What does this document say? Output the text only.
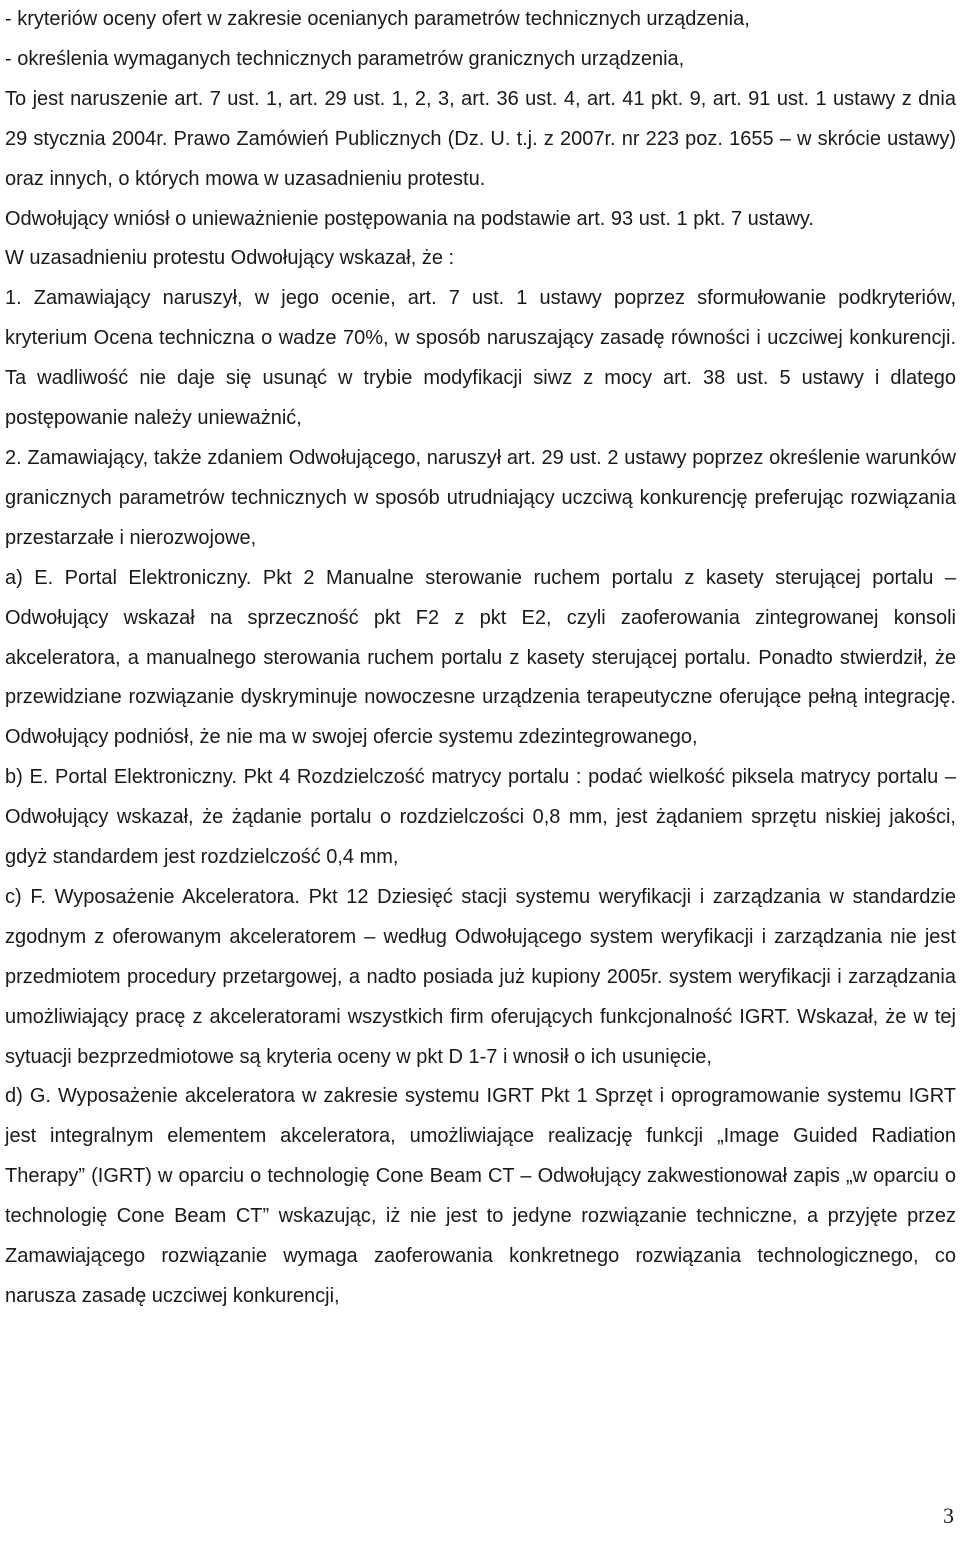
- kryteriów oceny ofert w zakresie ocenianych parametrów technicznych urządzenia,

- określenia wymaganych technicznych parametrów granicznych urządzenia,

To jest naruszenie art. 7 ust. 1, art. 29 ust. 1, 2, 3, art. 36 ust. 4, art. 41 pkt. 9, art. 91 ust. 1 ustawy z dnia 29 stycznia 2004r. Prawo Zamówień Publicznych (Dz. U. t.j. z 2007r. nr 223 poz. 1655 – w skrócie ustawy) oraz innych, o których mowa w uzasadnieniu protestu.

Odwołujący wniósł o unieważnienie postępowania na podstawie art. 93 ust. 1 pkt. 7 ustawy.

W uzasadnieniu protestu Odwołujący wskazał, że :

1. Zamawiający naruszył, w jego ocenie, art. 7 ust. 1 ustawy poprzez sformułowanie podkryteriów, kryterium Ocena techniczna o wadze 70%, w sposób naruszający zasadę równości i uczciwej konkurencji. Ta wadliwość nie daje się usunąć w trybie modyfikacji siwz z mocy art. 38 ust. 5 ustawy i dlatego postępowanie należy unieważnić,

2. Zamawiający, także zdaniem Odwołującego, naruszył art. 29 ust. 2 ustawy poprzez określenie warunków granicznych parametrów technicznych w sposób utrudniający uczciwą konkurencję preferując rozwiązania przestarzałe i nierozwojowe,

a) E. Portal Elektroniczny. Pkt 2 Manualne sterowanie ruchem portalu z kasety sterującej portalu – Odwołujący wskazał na sprzeczność pkt F2 z pkt E2, czyli zaoferowania zintegrowanej konsoli akceleratora, a manualnego sterowania ruchem portalu z kasety sterującej portalu. Ponadto stwierdził, że przewidziane rozwiązanie dyskryminuje nowoczesne urządzenia terapeutyczne oferujące pełną integrację. Odwołujący podniósł, że nie ma w swojej ofercie systemu zdezintegrowanego,

b) E. Portal Elektroniczny. Pkt 4 Rozdzielczość matrycy portalu : podać wielkość piksela matrycy portalu – Odwołujący wskazał, że żądanie portalu o rozdzielczości 0,8 mm, jest żądaniem sprzętu niskiej jakości, gdyż standardem jest rozdzielczość 0,4 mm,

c) F. Wyposażenie Akceleratora. Pkt 12 Dziesięć stacji systemu weryfikacji i zarządzania w standardzie zgodnym z oferowanym akceleratorem – według Odwołującego system weryfikacji i zarządzania nie jest przedmiotem procedury przetargowej, a nadto posiada już kupiony 2005r. system weryfikacji i zarządzania umożliwiający pracę z akceleratorami wszystkich firm oferujących funkcjonalność IGRT. Wskazał, że w tej sytuacji bezprzedmiotowe są kryteria oceny w pkt D 1-7 i wnosił o ich usunięcie,

d) G. Wyposażenie akceleratora w zakresie systemu IGRT Pkt 1 Sprzęt i oprogramowanie systemu IGRT jest integralnym elementem akceleratora, umożliwiające realizację funkcji „Image Guided Radiation Therapy” (IGRT) w oparciu o technologię Cone Beam CT – Odwołujący zakwestionował zapis „w oparciu o technologię Cone Beam CT” wskazując, iż nie jest to jedyne rozwiązanie techniczne, a przyjęte przez Zamawiającego rozwiązanie wymaga zaoferowania konkretnego rozwiązania technologicznego, co narusza zasadę uczciwej konkurencji,

3
